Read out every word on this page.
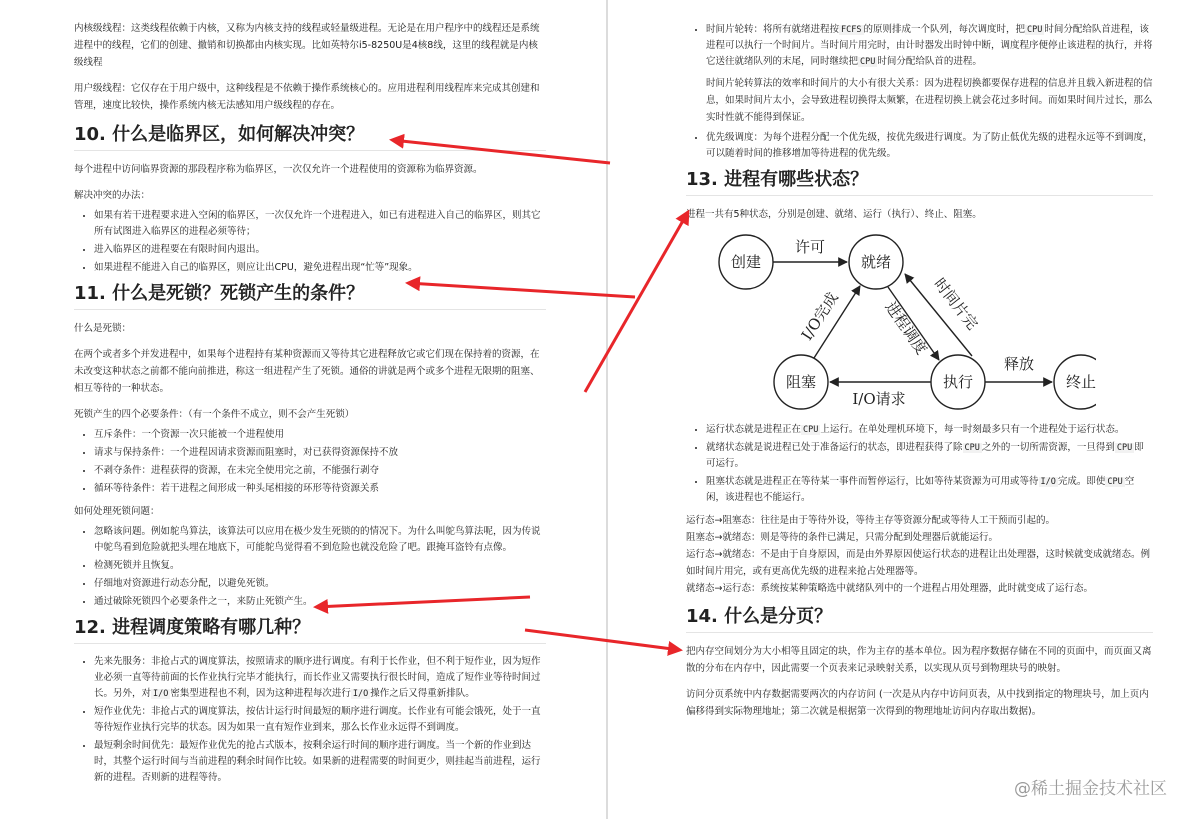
内核级线程：这类线程依赖于内核，又称为内核支持的线程或轻量级进程。无论是在用户程序中的线程还是系统进程中的线程，它们的创建、撤销和切换都由内核实现。比如英特尔i5-8250U是4核8线，这里的线程就是内核级线程

用户级线程：它仅存在于用户级中，这种线程是不依赖于操作系统核心的。应用进程利用线程库来完成其创建和管理，速度比较快，操作系统内核无法感知用户级线程的存在。

10. 什么是临界区，如何解决冲突？

每个进程中访问临界资源的那段程序称为临界区，一次仅允许一个进程使用的资源称为临界资源。

解决冲突的办法：

• 如果有若干进程要求进入空闲的临界区，一次仅允许一个进程进入，如已有进程进入自己的临界区，则其它所有试图进入临界区的进程必须等待；
• 进入临界区的进程要在有限时间内退出。
• 如果进程不能进入自己的临界区，则应让出CPU，避免进程出现“忙等”现象。
11. 什么是死锁？死锁产生的条件？

什么是死锁：

在两个或者多个并发进程中，如果每个进程持有某种资源而又等待其它进程释放它或它们现在保持着的资源，在未改变这种状态之前都不能向前推进，称这一组进程产生了死锁。通俗的讲就是两个或多个进程无限期的阻塞、相互等待的一种状态。

死锁产生的四个必要条件：（有一个条件不成立，则不会产生死锁）

• 互斥条件：一个资源一次只能被一个进程使用
• 请求与保持条件：一个进程因请求资源而阻塞时，对已获得资源保持不放
• 不剥夺条件：进程获得的资源，在未完全使用完之前，不能强行剥夺
• 循环等待条件：若干进程之间形成一种头尾相接的环形等待资源关系

如何处理死锁问题：

• 忽略该问题。例如鸵鸟算法，该算法可以应用在极少发生死锁的的情况下。为什么叫鸵鸟算法呢，因为传说中鸵鸟看到危险就把头埋在地底下，可能鸵鸟觉得看不到危险也就没危险了吧。跟掩耳盗铃有点像。
• 检测死锁并且恢复。
• 仔细地对资源进行动态分配，以避免死锁。
• 通过破除死锁四个必要条件之一，来防止死锁产生。
12. 进程调度策略有哪几种？
• 先来先服务：非抢占式的调度算法，按照请求的顺序进行调度。有利于长作业，但不利于短作业，因为短作业必须一直等待前面的长作业执行完毕才能执行，而长作业又需要执行很长时间，造成了短作业等待时间过长。另外，对 I/O 密集型进程也不利，因为这种进程每次进行 I/O 操作之后又得重新排队。
• 短作业优先：非抢占式的调度算法，按估计运行时间最短的顺序进行调度。长作业有可能会饿死，处于一直等待短作业执行完毕的状态。因为如果一直有短作业到来，那么长作业永远得不到调度。
• 最短剩余时间优先：最短作业优先的抢占式版本，按剩余运行时间的顺序进行调度。当一个新的作业到达时，其整个运行时间与当前进程的剩余时间作比较。如果新的进程需要的时间更少，则挂起当前进程，运行新的进程。否则新的进程等待。
• 时间片轮转：将所有就绪进程按 FCFS 的原则排成一个队列，每次调度时，把 CPU 时间分配给队首进程，该进程可以执行一个时间片。当时间片用完时，由计时器发出时钟中断，调度程序便停止该进程的执行，并将它送往就绪队列的末尾，同时继续把 CPU 时间分配给队首的进程。

时间片轮转算法的效率和时间片的大小有很大关系：因为进程切换都要保存进程的信息并且载入新进程的信息，如果时间片太小，会导致进程切换得太频繁，在进程切换上就会花过多时间。而如果时间片过长，那么实时性就不能得到保证。

• 优先级调度：为每个进程分配一个优先级，按优先级进行调度。为了防止低优先级的进程永远等不到调度，可以随着时间的推移增加等待进程的优先级。
13. 进程有哪些状态？

进程一共有5种状态，分别是创建、就绪、运行（执行）、终止、阻塞。

创建	就绪
阻塞	执行	终止
许可
I/O完成	进程调度 时间片完
I/O请求
释放
• 运行状态就是进程正在 CPU 上运行。在单处理机环境下，每一时刻最多只有一个进程处于运行状态。
• 就绪状态就是说进程已处于准备运行的状态，即进程获得了除 CPU 之外的一切所需资源，一旦得到 CPU 即可运行。
• 阻塞状态就是进程正在等待某一事件而暂停运行，比如等待某资源为可用或等待 I/O 完成。即使 CPU 空闲，该进程也不能运行。

运行态→阻塞态：往往是由于等待外设，等待主存等资源分配或等待人工干预而引起的。

阻塞态→就绪态：则是等待的条件已满足，只需分配到处理器后就能运行。

运行态→就绪态：不是由于自身原因，而是由外界原因使运行状态的进程让出处理器，这时候就变成就绪态。例如时间片用完，或有更高优先级的进程来抢占处理器等。

就绪态→运行态：系统按某种策略选中就绪队列中的一个进程占用处理器，此时就变成了运行态。

14. 什么是分页？

把内存空间划分为大小相等且固定的块，作为主存的基本单位。因为程序数据存储在不同的页面中，而页面又离散的分布在内存中，因此需要一个页表来记录映射关系，以实现从页号到物理块号的映射。

访问分页系统中内存数据需要两次的内存访问 (一次是从内存中访问页表，从中找到指定的物理块号，加上页内偏移得到实际物理地址；第二次就是根据第一次得到的物理地址访问内存取出数据)。

@稀土掘金技术社区
